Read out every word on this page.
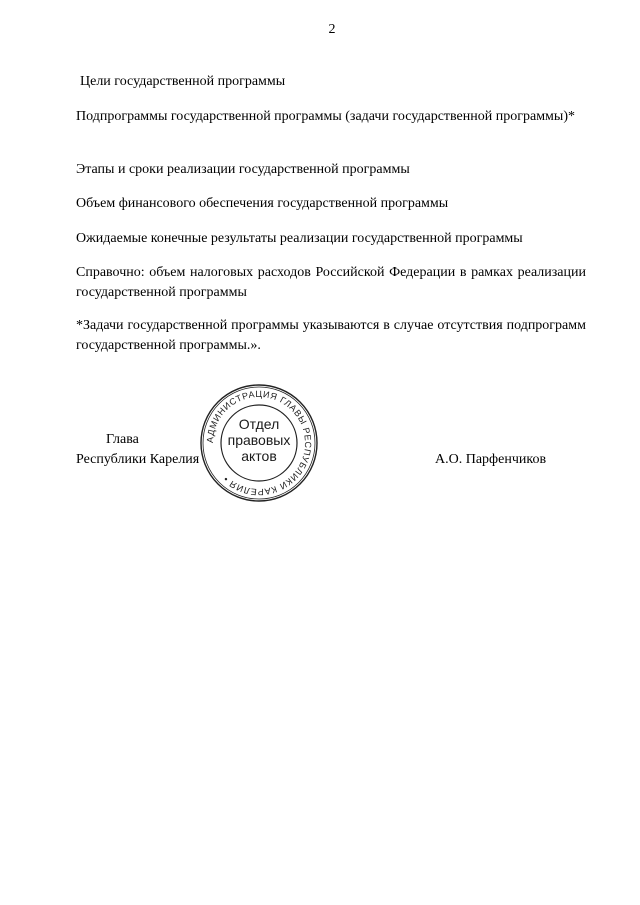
2

Цели государственной программы

Подпрограммы государственной программы (задачи государственной программы)*

Этапы и сроки реализации государственной программы

Объем финансового обеспечения государственной программы

Ожидаемые конечные результаты реализации государственной программы

Справочно: объем налоговых расходов Российской Федерации в рамках реализации государственной программы

*Задачи государственной программы указываются в случае отсутствия подпрограмм государственной программы.».

Глава
Республики Карелия	А.О. Парфенчиков
АДМИНИСТРАЦИЯ ГЛАВЫ РЕСПУБЛИКИ КАРЕЛИЯ •
Отдел
правовых
актов
